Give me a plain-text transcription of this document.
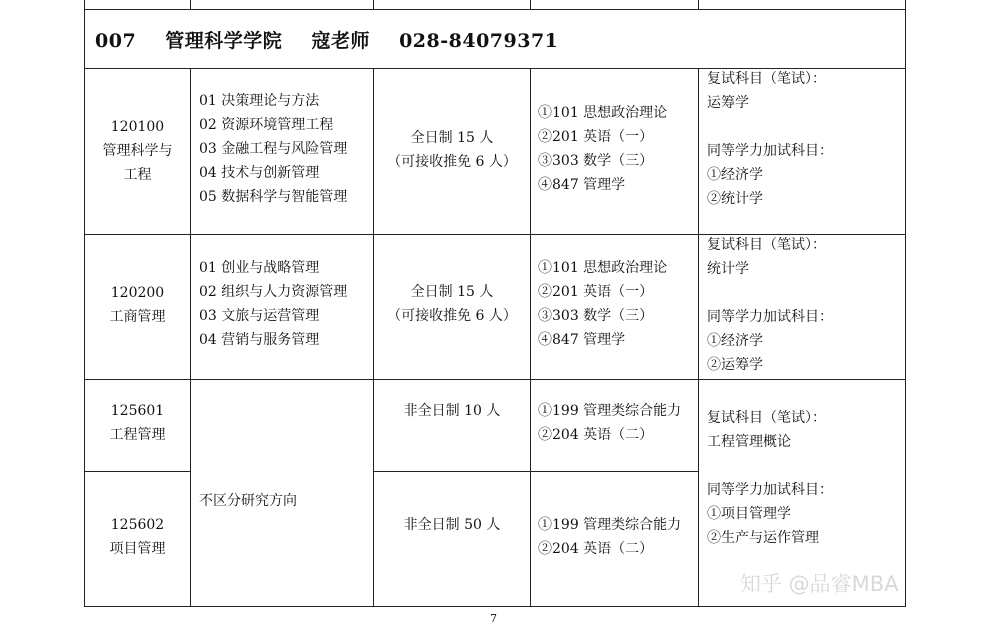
007 管理科学学院 寇老师 028-84079371
120100
管理科学与
工程
01 决策理论与方法
02 资源环境管理工程
03 金融工程与风险管理
04 技术与创新管理
05 数据科学与智能管理
全日制 15 人
（可接收推免 6 人）
①101 思想政治理论
②201 英语（一）
③303 数学（三）
④847 管理学
复试科目（笔试）：
运筹学

同等学力加试科目：
①经济学
②统计学
120200
工商管理
01 创业与战略管理
02 组织与人力资源管理
03 文旅与运营管理
04 营销与服务管理
全日制 15 人
（可接收推免 6 人）
①101 思想政治理论
②201 英语（一）
③303 数学（三）
④847 管理学
复试科目（笔试）：
统计学

同等学力加试科目：
①经济学
②运筹学
125601
工程管理
非全日制 10 人	①199 管理类综合能力
②204 英语（二）
125602
项目管理
非全日制 50 人	①199 管理类综合能力
②204 英语（二）
不区分研究方向
复试科目（笔试）：
工程管理概论

同等学力加试科目：
①项目管理学
②生产与运作管理
知乎 @品睿MBA
7
